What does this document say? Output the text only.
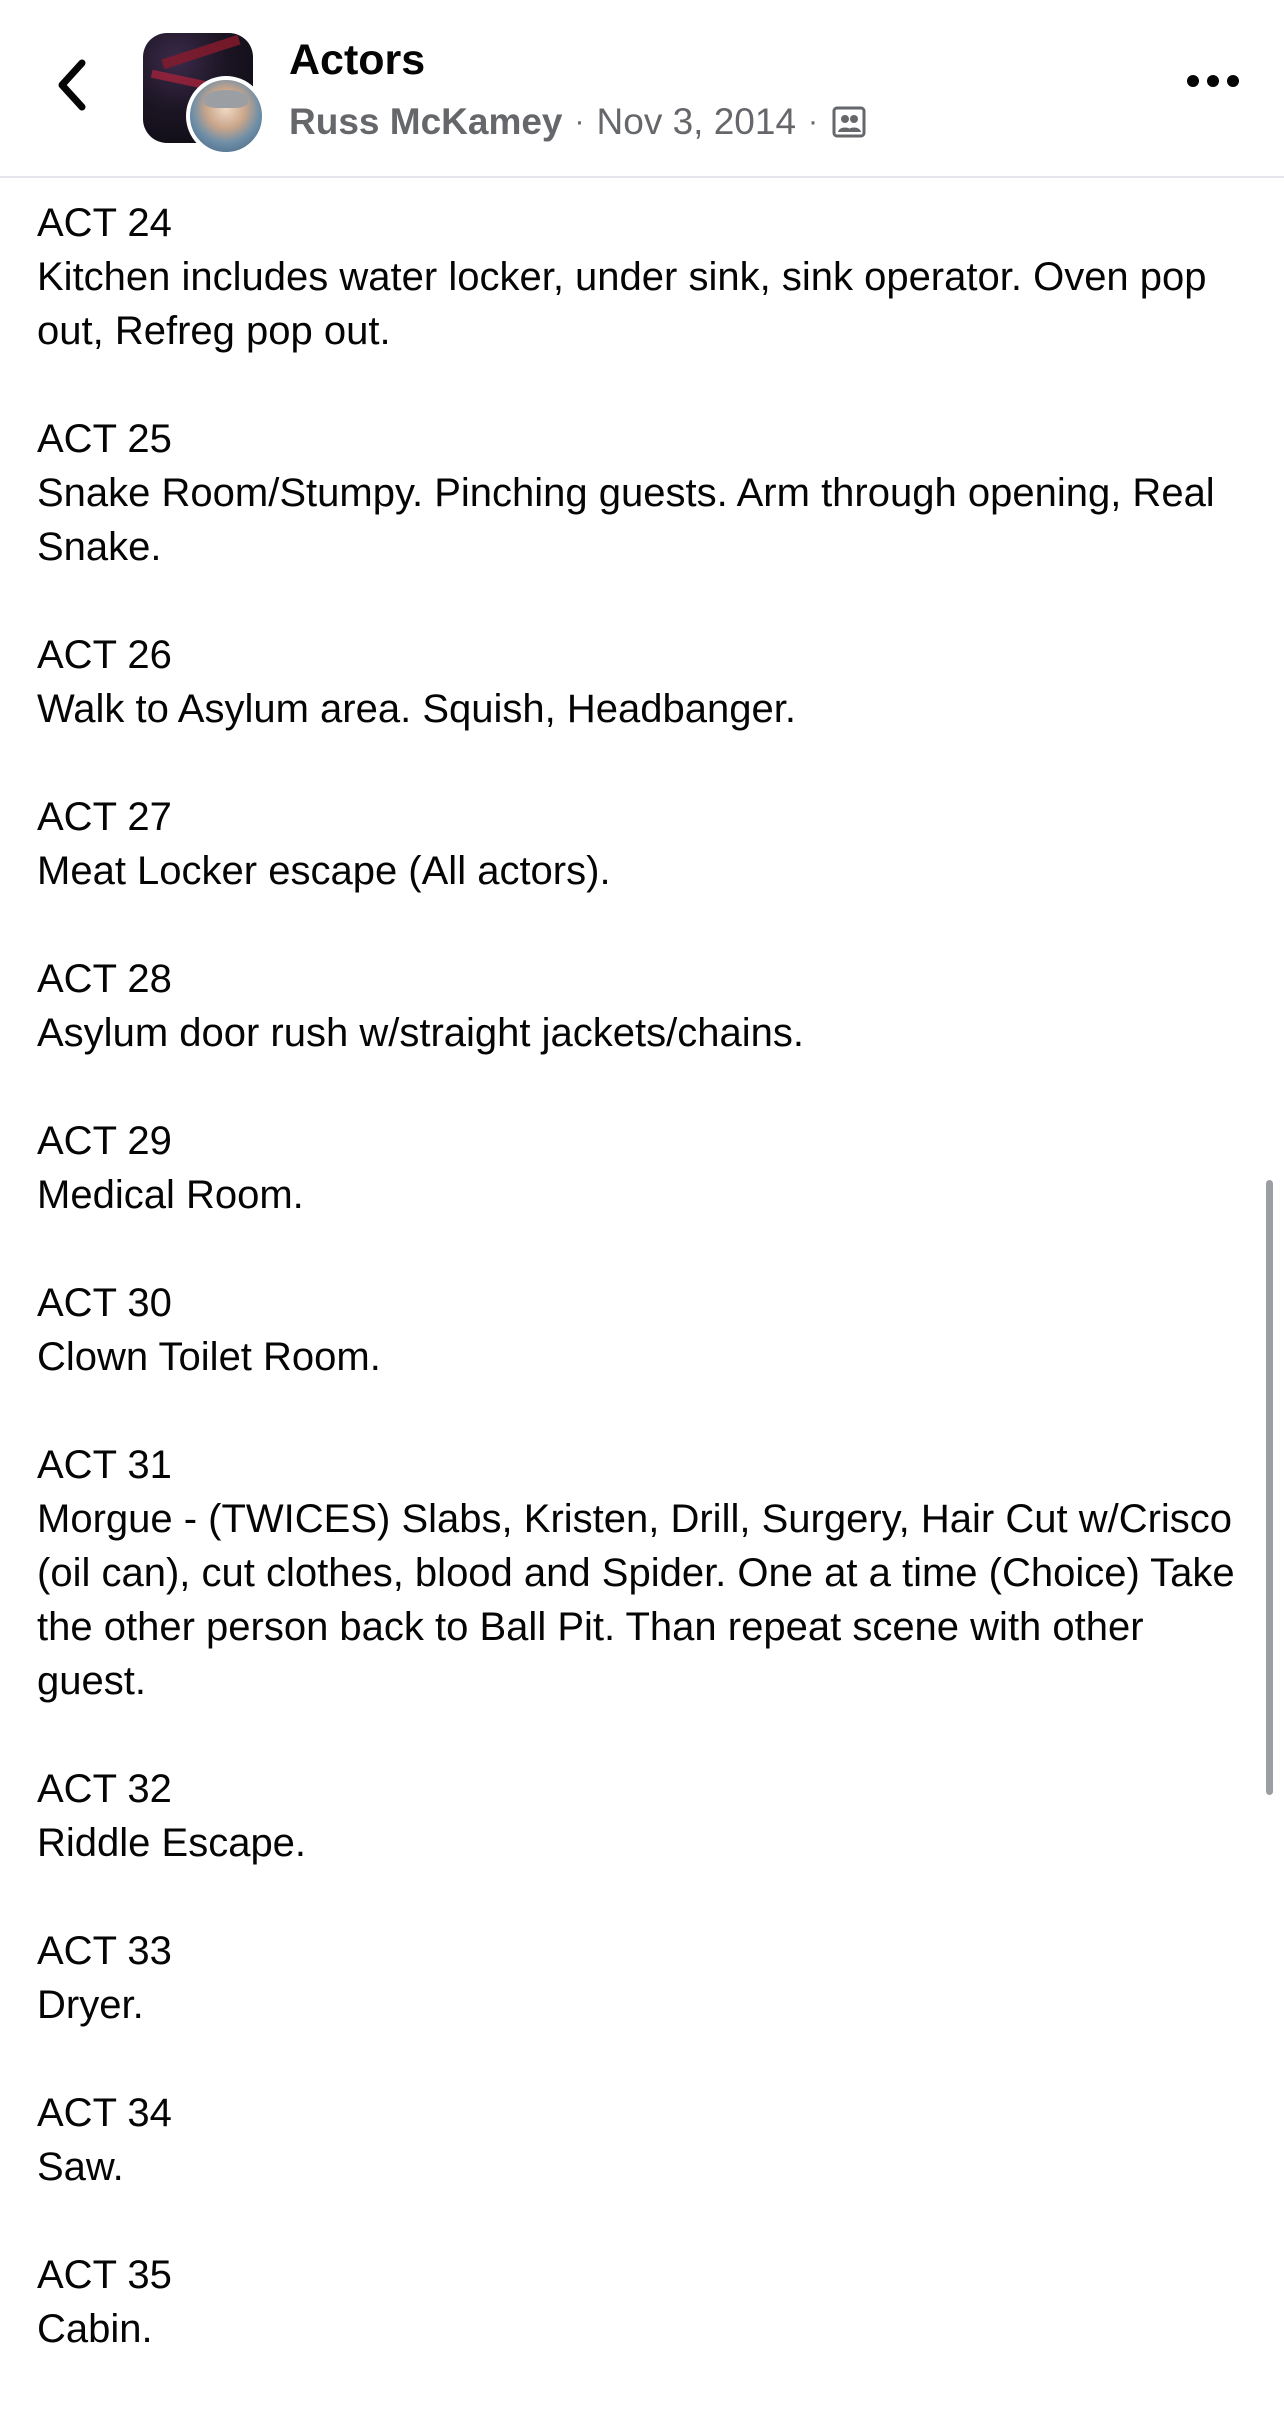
Actors
Russ McKamey · Nov 3, 2014 ·
ACT 24
Kitchen includes water locker, under sink, sink operator. Oven pop out, Refreg pop out.
ACT 25
Snake Room/Stumpy. Pinching guests. Arm through opening, Real Snake.
ACT 26
Walk to Asylum area. Squish, Headbanger.
ACT 27
Meat Locker escape (All actors).
ACT 28
Asylum door rush w/straight jackets/chains.
ACT 29
Medical Room.
ACT 30
Clown Toilet Room.
ACT 31
Morgue - (TWICES) Slabs, Kristen, Drill, Surgery, Hair Cut w/Crisco (oil can), cut clothes, blood and Spider. One at a time (Choice) Take the other person back to Ball Pit. Than repeat scene with other guest.
ACT 32
Riddle Escape.
ACT 33
Dryer.
ACT 34
Saw.
ACT 35
Cabin.
